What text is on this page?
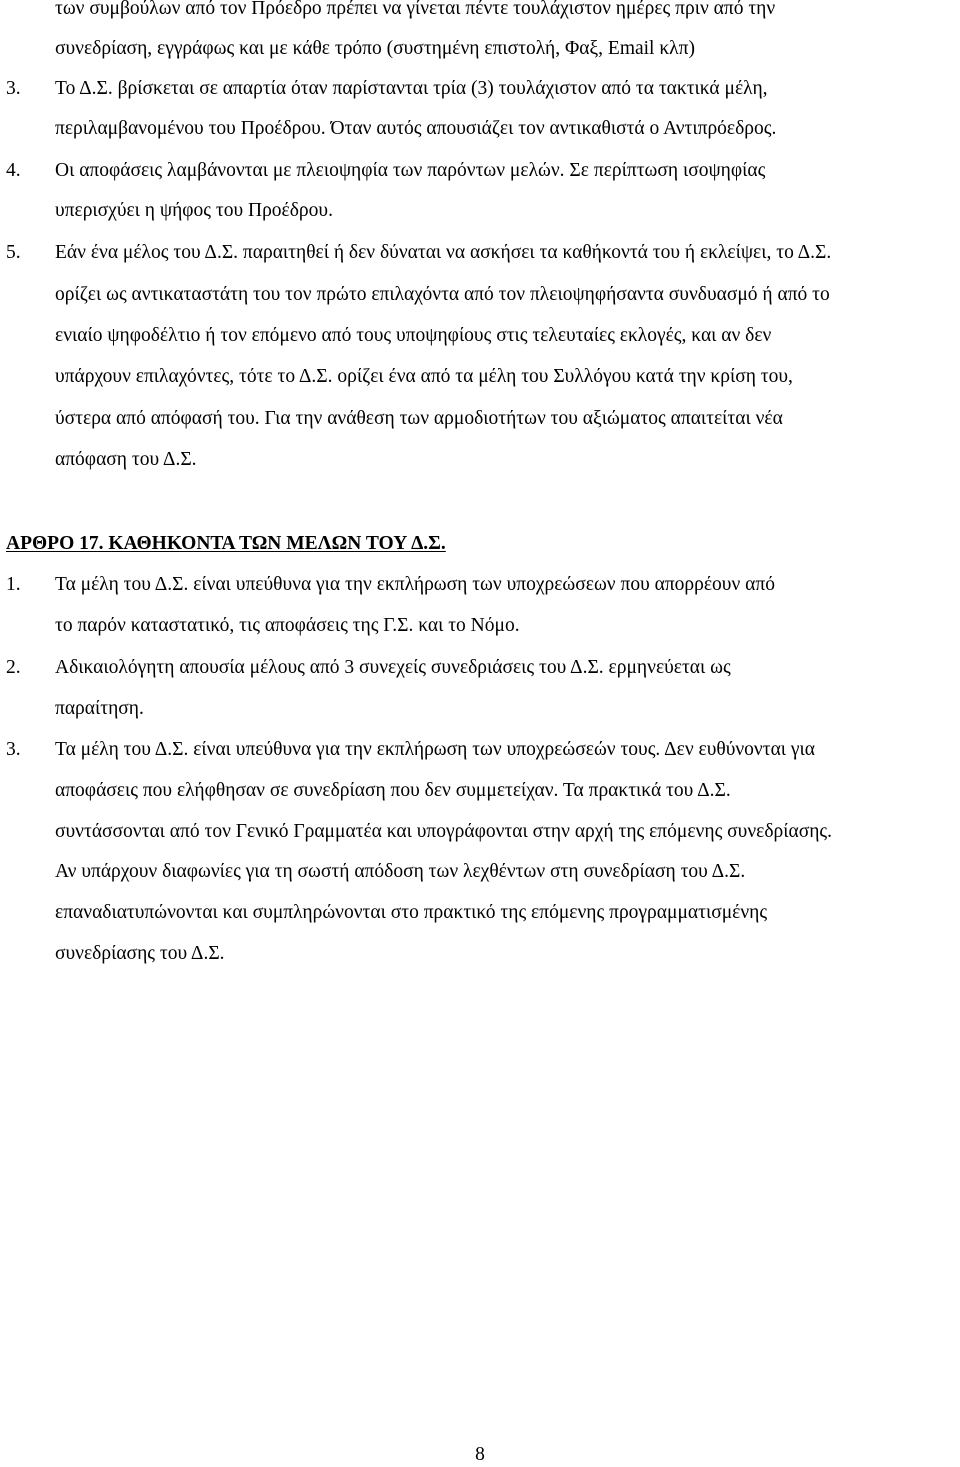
των συμβούλων από τον Πρόεδρο πρέπει να γίνεται πέντε τουλάχιστον ημέρες πριν από την
συνεδρίαση, εγγράφως και με κάθε τρόπο (συστημένη επιστολή, Φαξ, Email κλπ)
3. Το Δ.Σ. βρίσκεται σε απαρτία όταν παρίστανται τρία (3) τουλάχιστον από τα τακτικά μέλη,
περιλαμβανομένου του Προέδρου. Όταν αυτός απουσιάζει τον αντικαθιστά ο Αντιπρόεδρος.
4. Οι αποφάσεις λαμβάνονται με πλειοψηφία των παρόντων μελών. Σε περίπτωση ισοψηφίας
υπερισχύει η ψήφος του Προέδρου.
5. Εάν ένα μέλος του Δ.Σ. παραιτηθεί ή δεν δύναται να ασκήσει τα καθήκοντά του ή εκλείψει, το Δ.Σ.
ορίζει ως αντικαταστάτη του τον πρώτο επιλαχόντα από τον πλειοψηφήσαντα συνδυασμό ή από το
ενιαίο ψηφοδέλτιο ή τον επόμενο από τους υποψηφίους στις τελευταίες εκλογές, και αν δεν
υπάρχουν επιλαχόντες, τότε το Δ.Σ. ορίζει ένα από τα μέλη του Συλλόγου κατά την κρίση του,
ύστερα από απόφασή του. Για την ανάθεση των αρμοδιοτήτων του αξιώματος απαιτείται νέα
απόφαση του Δ.Σ.
ΑΡΘΡΟ 17. ΚΑΘΗΚΟΝΤΑ ΤΩΝ ΜΕΛΩΝ ΤΟΥ Δ.Σ.
1. Τα μέλη του Δ.Σ. είναι υπεύθυνα για την εκπλήρωση των υποχρεώσεων που απορρέουν από
το παρόν καταστατικό, τις αποφάσεις της Γ.Σ. και το Νόμο.
2. Αδικαιολόγητη απουσία μέλους από 3 συνεχείς συνεδριάσεις του Δ.Σ. ερμηνεύεται ως
παραίτηση.
3. Τα μέλη του Δ.Σ. είναι υπεύθυνα για την εκπλήρωση των υποχρεώσεών τους. Δεν ευθύνονται για
αποφάσεις που ελήφθησαν σε συνεδρίαση που δεν συμμετείχαν. Τα πρακτικά του Δ.Σ.
συντάσσονται από τον Γενικό Γραμματέα και υπογράφονται στην αρχή της επόμενης συνεδρίασης.
Αν υπάρχουν διαφωνίες για τη σωστή απόδοση των λεχθέντων στη συνεδρίαση του Δ.Σ.
επαναδιατυπώνονται και συμπληρώνονται στο πρακτικό της επόμενης προγραμματισμένης
συνεδρίασης του Δ.Σ.
8
